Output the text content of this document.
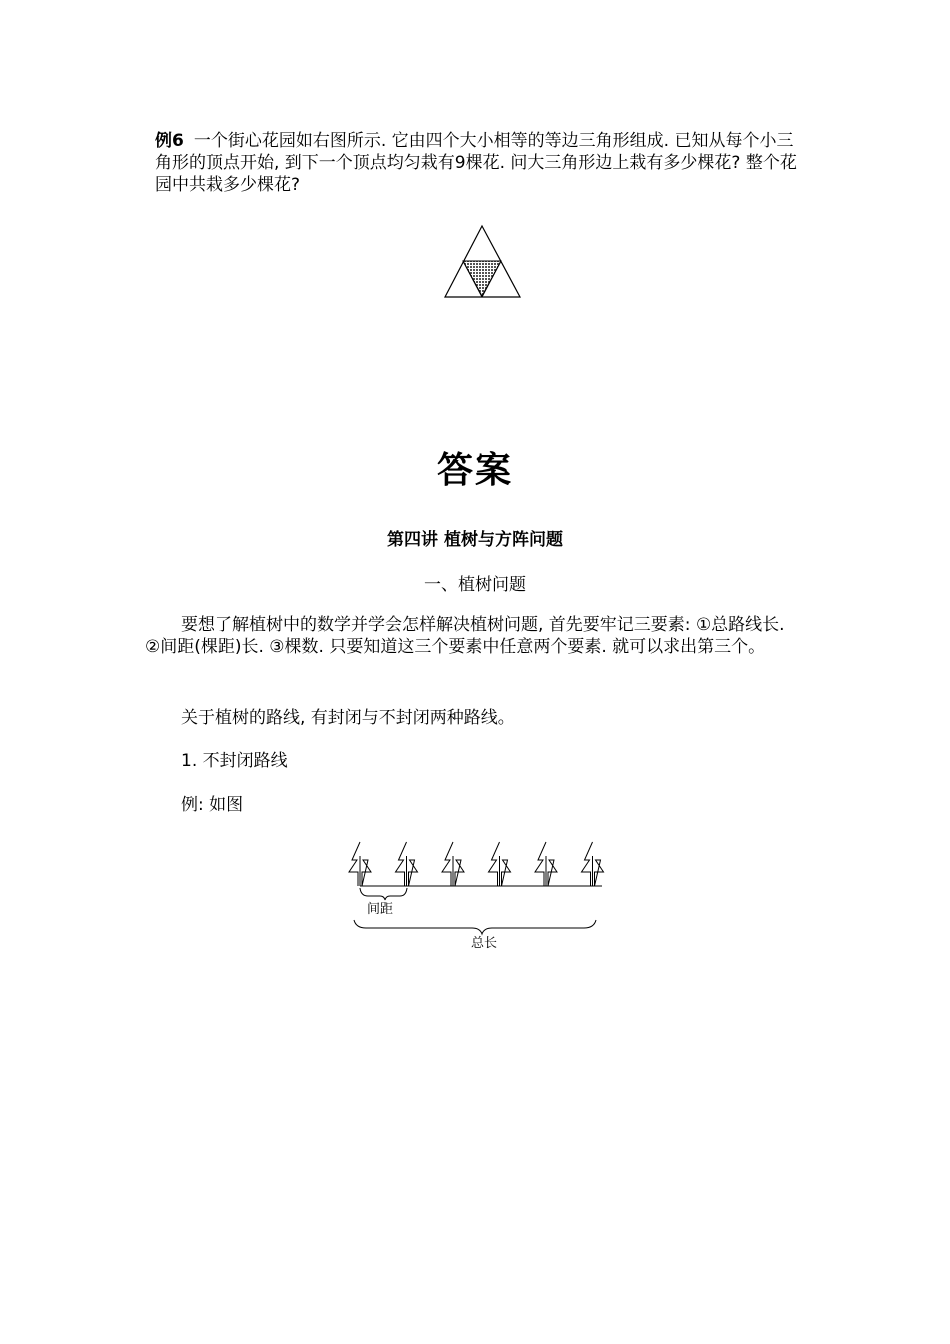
例6 一个街心花园如右图所示. 它由四个大小相等的等边三角形组成. 已知从每个小三角形的顶点开始, 到下一个顶点均匀栽有9棵花. 问大三角形边上栽有多少棵花? 整个花园中共栽多少棵花?
答案
第四讲 植树与方阵问题
一、植树问题
要想了解植树中的数学并学会怎样解决植树问题, 首先要牢记三要素: ①总路线长. ②间距(棵距)长. ③棵数. 只要知道这三个要素中任意两个要素. 就可以求出第三个。
关于植树的路线, 有封闭与不封闭两种路线。
1. 不封闭路线
例: 如图
间距
总长
